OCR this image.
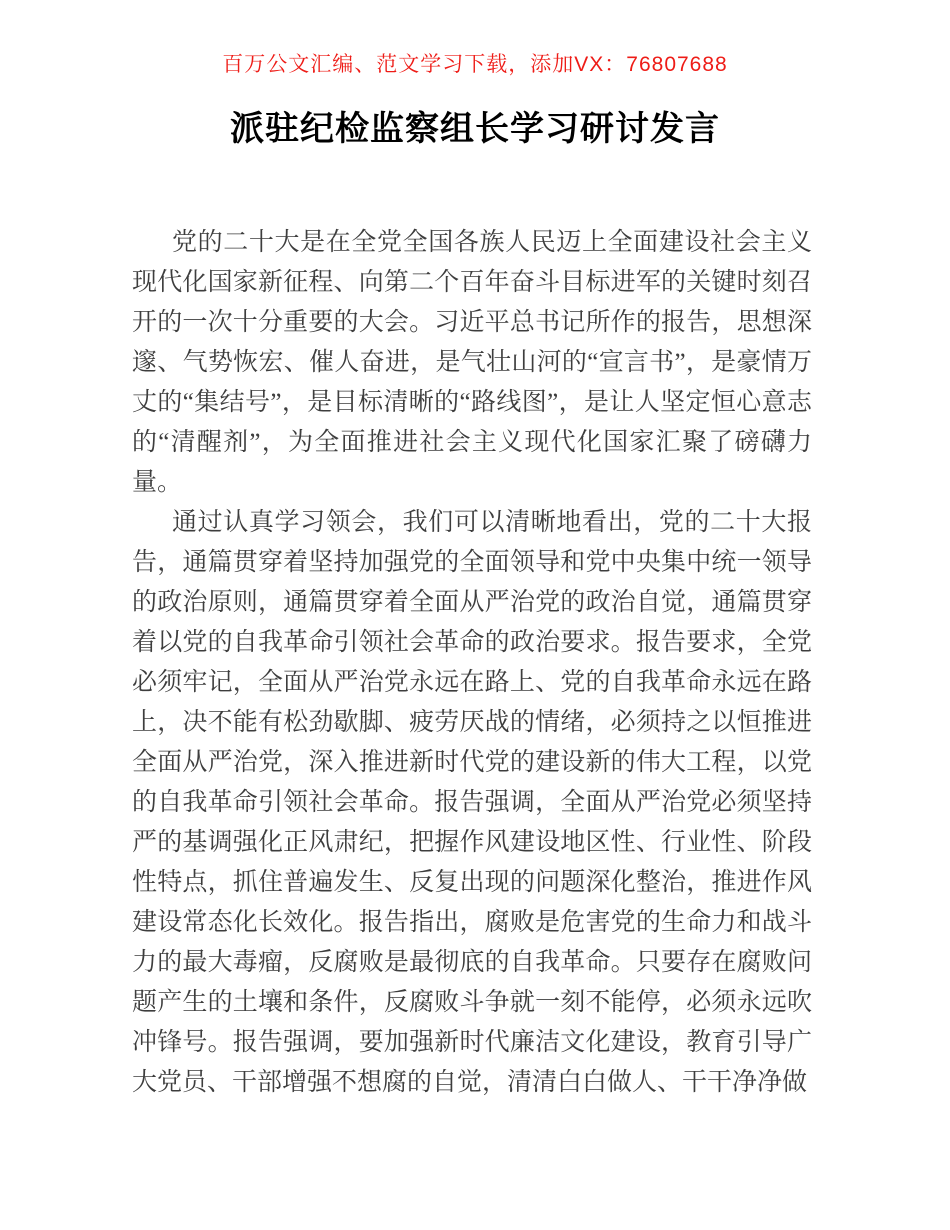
百万公文汇编、范文学习下载，添加VX：76807688
派驻纪检监察组长学习研讨发言

党的二十大是在全党全国各族人民迈上全面建设社会主义现代化国家新征程、向第二个百年奋斗目标进军的关键时刻召开的一次十分重要的大会。习近平总书记所作的报告，思想深邃、气势恢宏、催人奋进，是气壮山河的“宣言书”，是豪情万丈的“集结号”，是目标清晰的“路线图”，是让人坚定恒心意志的“清醒剂”，为全面推进社会主义现代化国家汇聚了磅礴力量。

通过认真学习领会，我们可以清晰地看出，党的二十大报告，通篇贯穿着坚持加强党的全面领导和党中央集中统一领导的政治原则，通篇贯穿着全面从严治党的政治自觉，通篇贯穿着以党的自我革命引领社会革命的政治要求。报告要求，全党必须牢记，全面从严治党永远在路上、党的自我革命永远在路上，决不能有松劲歇脚、疲劳厌战的情绪，必须持之以恒推进全面从严治党，深入推进新时代党的建设新的伟大工程，以党的自我革命引领社会革命。报告强调，全面从严治党必须坚持严的基调强化正风肃纪，把握作风建设地区性、行业性、阶段性特点，抓住普遍发生、反复出现的问题深化整治，推进作风建设常态化长效化。报告指出，腐败是危害党的生命力和战斗力的最大毒瘤，反腐败是最彻底的自我革命。只要存在腐败问题产生的土壤和条件，反腐败斗争就一刻不能停，必须永远吹冲锋号。报告强调，要加强新时代廉洁文化建设，教育引导广大党员、干部增强不想腐的自觉，清清白白做人、干干净净做
